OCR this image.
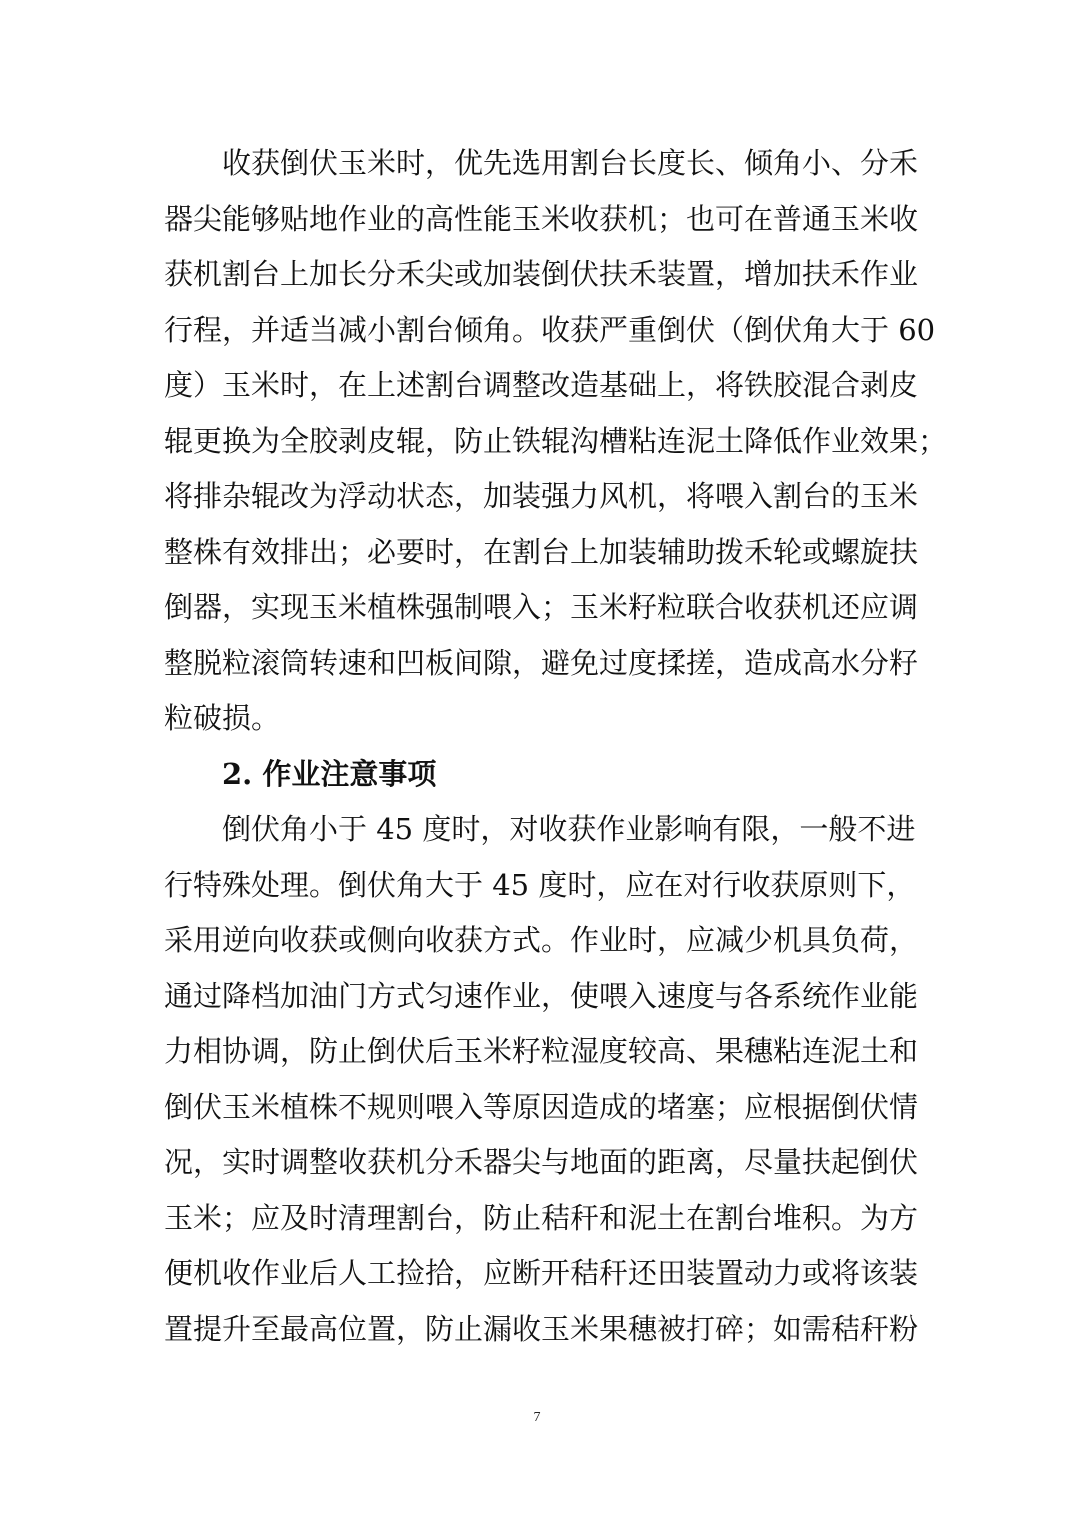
收获倒伏玉米时，优先选用割台长度长、倾角小、分禾
器尖能够贴地作业的高性能玉米收获机；也可在普通玉米收
获机割台上加长分禾尖或加装倒伏扶禾装置，增加扶禾作业
行程，并适当减小割台倾角。收获严重倒伏（倒伏角大于 60
度）玉米时，在上述割台调整改造基础上，将铁胶混合剥皮
辊更换为全胶剥皮辊，防止铁辊沟槽粘连泥土降低作业效果；
将排杂辊改为浮动状态，加装强力风机，将喂入割台的玉米
整株有效排出；必要时，在割台上加装辅助拨禾轮或螺旋扶
倒器，实现玉米植株强制喂入；玉米籽粒联合收获机还应调
整脱粒滚筒转速和凹板间隙，避免过度揉搓，造成高水分籽
粒破损。
2. 作业注意事项
倒伏角小于 45 度时，对收获作业影响有限，一般不进
行特殊处理。倒伏角大于 45 度时，应在对行收获原则下，
采用逆向收获或侧向收获方式。作业时，应减少机具负荷，
通过降档加油门方式匀速作业，使喂入速度与各系统作业能
力相协调，防止倒伏后玉米籽粒湿度较高、果穗粘连泥土和
倒伏玉米植株不规则喂入等原因造成的堵塞；应根据倒伏情
况，实时调整收获机分禾器尖与地面的距离，尽量扶起倒伏
玉米；应及时清理割台，防止秸秆和泥土在割台堆积。为方
便机收作业后人工捡拾，应断开秸秆还田装置动力或将该装
置提升至最高位置，防止漏收玉米果穗被打碎；如需秸秆粉
7
